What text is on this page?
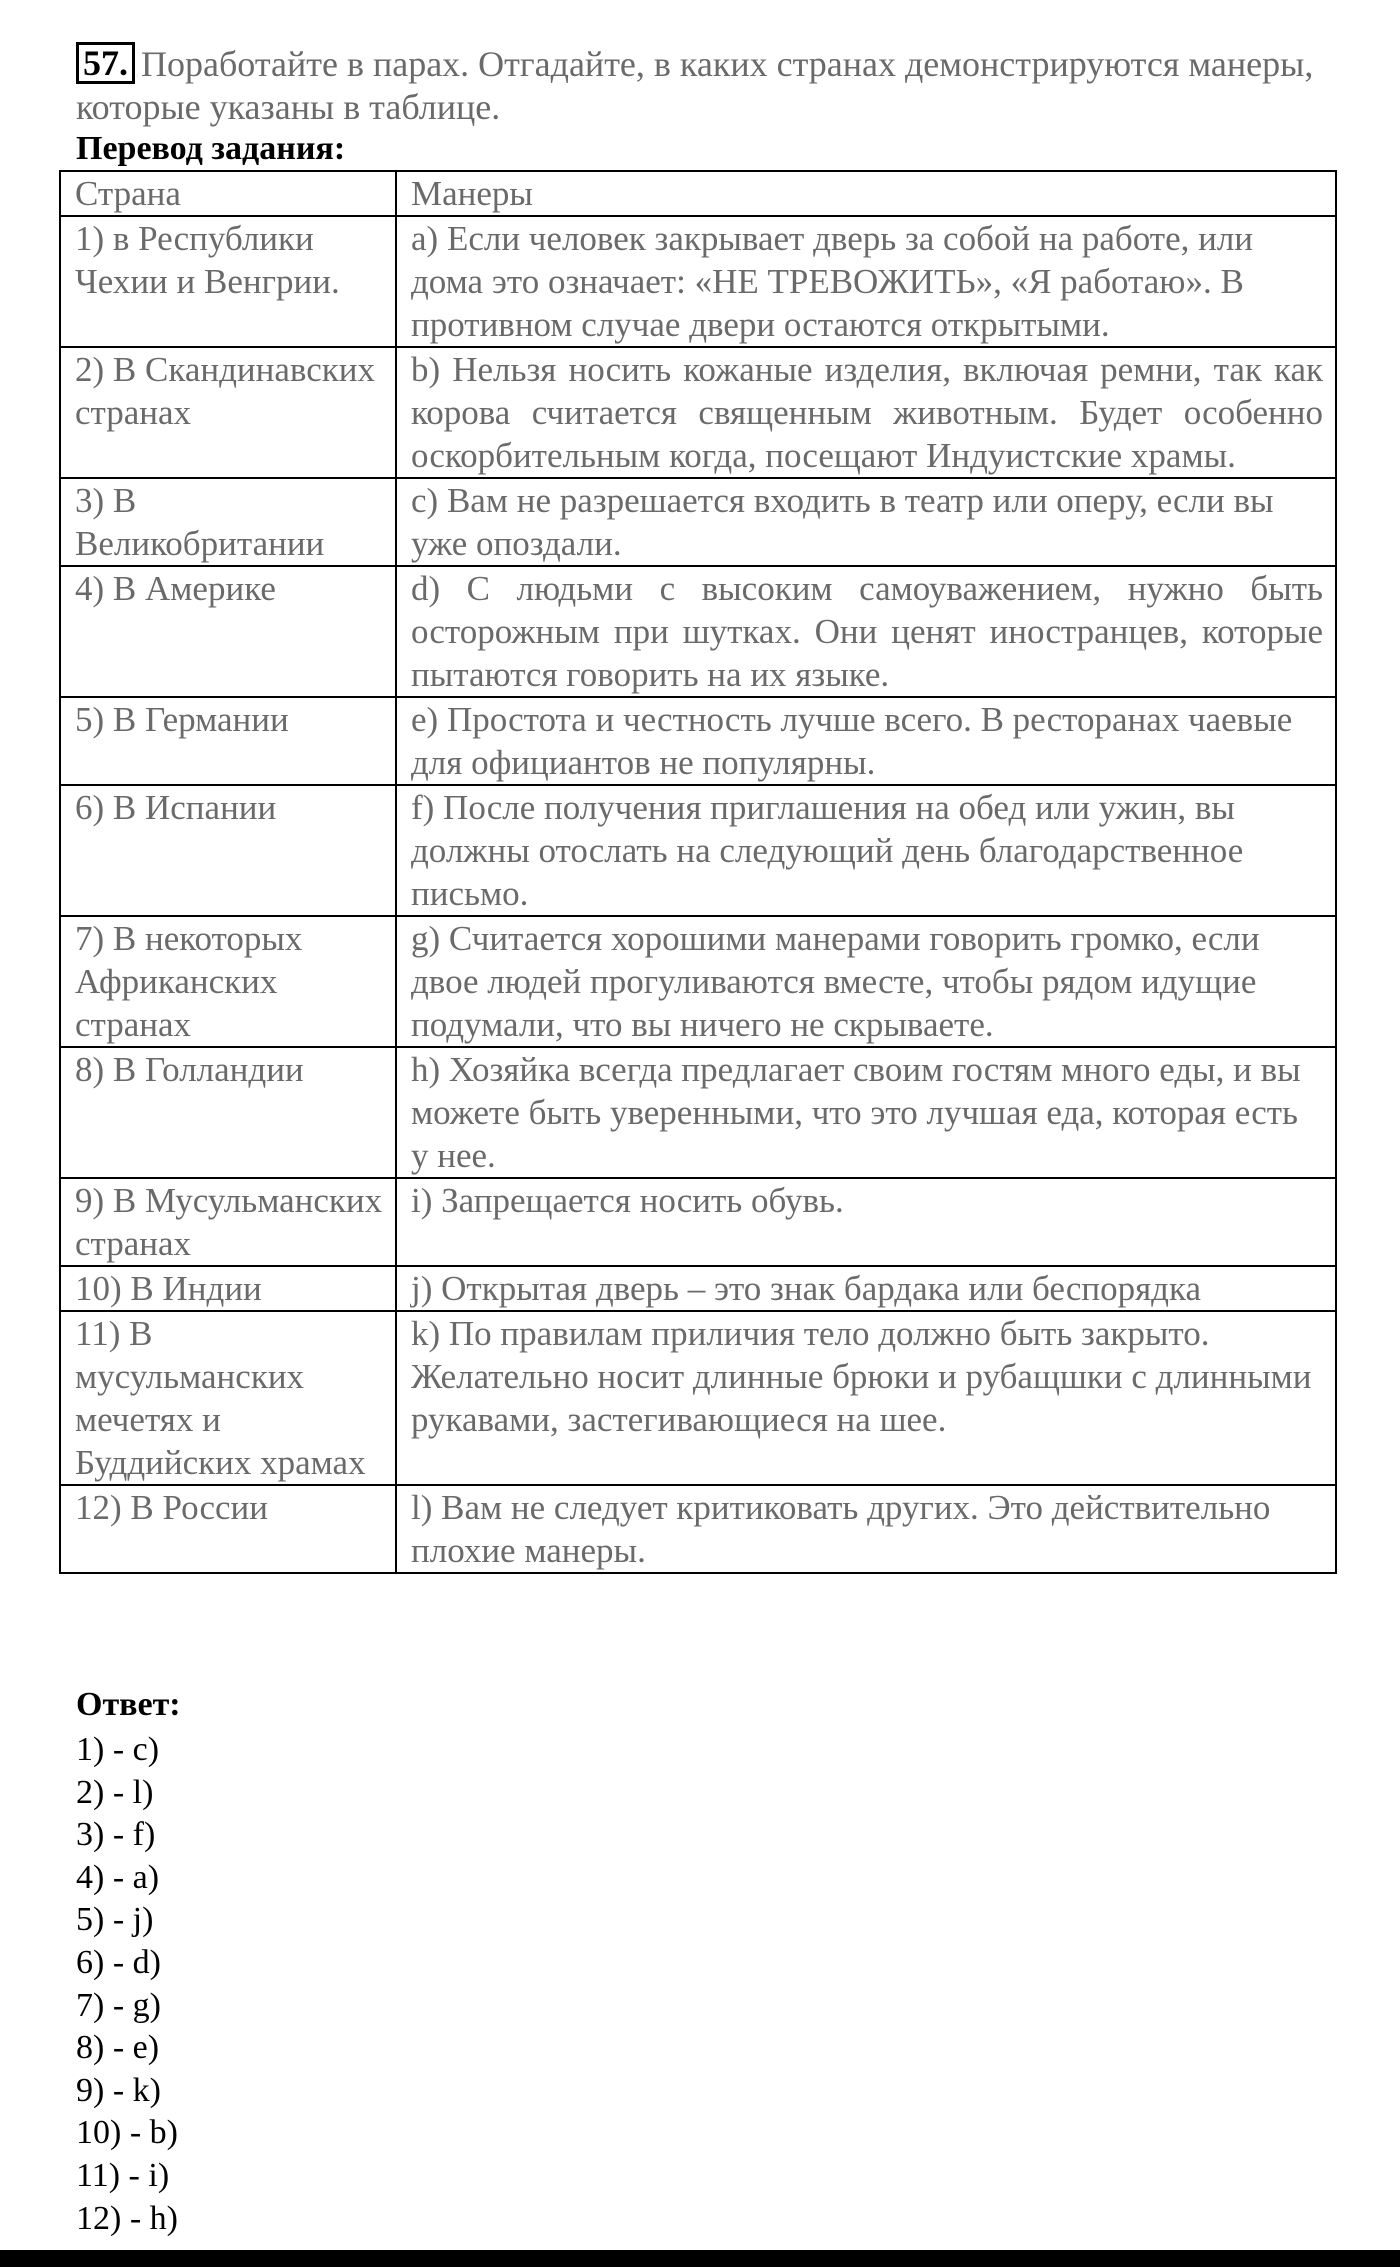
57. Поработайте в парах. Отгадайте, в каких странах демонстрируются манеры, которые указаны в таблице.
Перевод задания:
Страна	Манеры
1) в Республики Чехии и Венгрии.	a) Если человек закрывает дверь за собой на работе, или дома это означает: «НЕ ТРЕВОЖИТЬ», «Я работаю». В противном случае двери остаются открытыми.
2) В Скандинавских странах	b) Нельзя носить кожаные изделия, включая ремни, так как корова считается священным животным. Будет особенно оскорбительным когда, посещают Индуистские храмы.
3) В Великобритании	c) Вам не разрешается входить в театр или оперу, если вы уже опоздали.
4) В Америке	d) С людьми с высоким самоуважением, нужно быть осторожным при шутках. Они ценят иностранцев, которые пытаются говорить на их языке.
5) В Германии	e) Простота и честность лучше всего. В ресторанах чаевые для официантов не популярны.
6) В Испании	f) После получения приглашения на обед или ужин, вы должны отослать на следующий день благодарственное письмо.
7) В некоторых Африканских странах	g) Считается хорошими манерами говорить громко, если двое людей прогуливаются вместе, чтобы рядом идущие подумали, что вы ничего не скрываете.
8) В Голландии	h) Хозяйка всегда предлагает своим гостям много еды, и вы можете быть уверенными, что это лучшая еда, которая есть у нее.
9) В Мусульманских странах	i) Запрещается носить обувь.
10) В Индии	j) Открытая дверь – это знак бардака или беспорядка
11) В мусульманских мечетях и Буддийских храмах	k) По правилам приличия тело должно быть закрыто. Желательно носит длинные брюки и рубащшки с длинными рукавами, застегивающиеся на шее.
12) В России	l) Вам не следует критиковать других. Это действительно плохие манеры.
Ответ:
1) - c)
2) - l)
3) - f)
4) - a)
5) - j)
6) - d)
7) - g)
8) - e)
9) - k)
10) - b)
11) - i)
12) - h)
